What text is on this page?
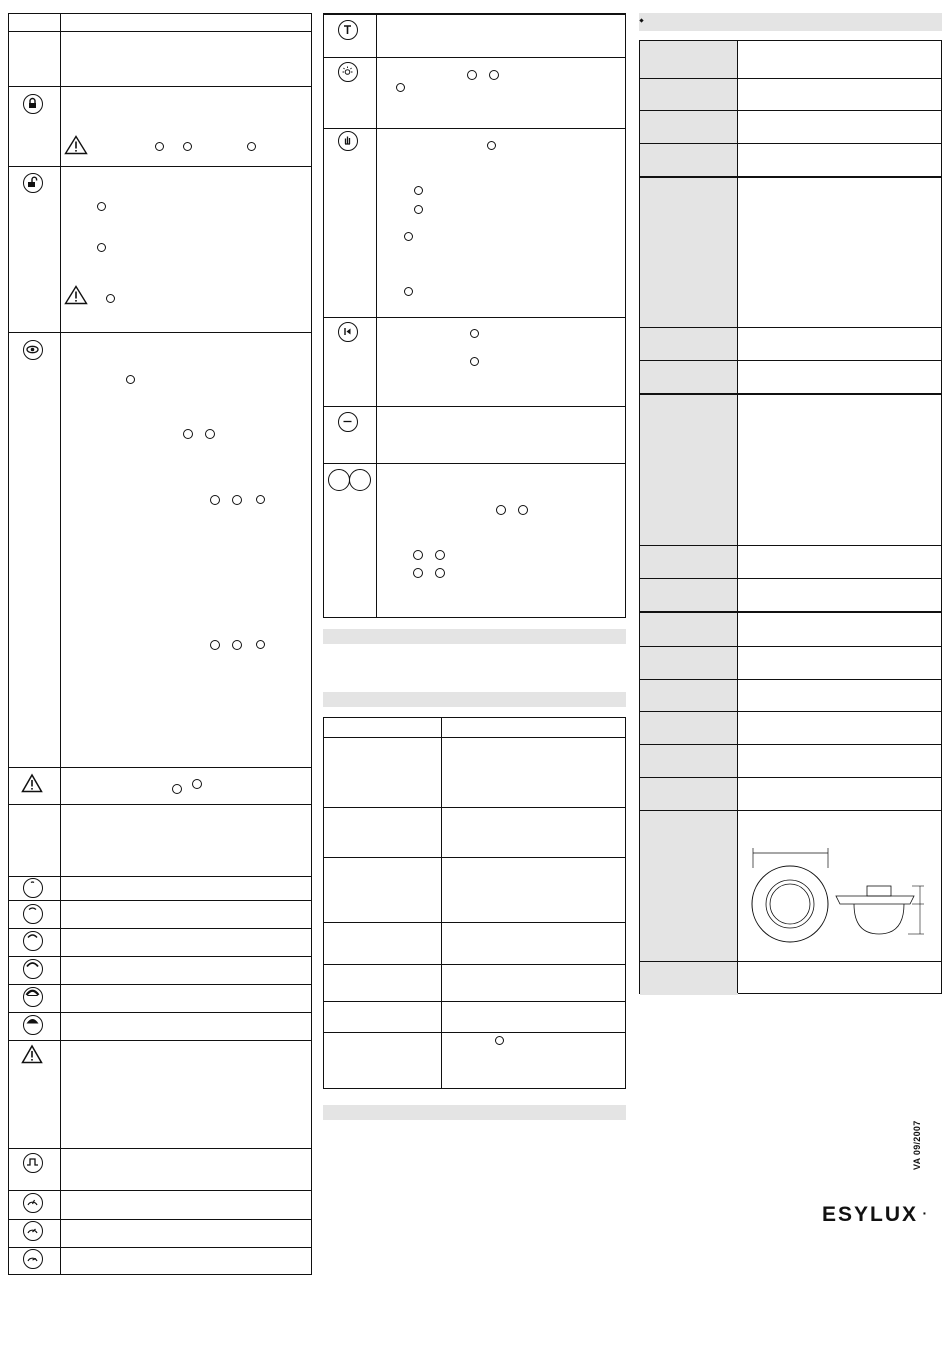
VA 09/2007
ESYLUX ·
